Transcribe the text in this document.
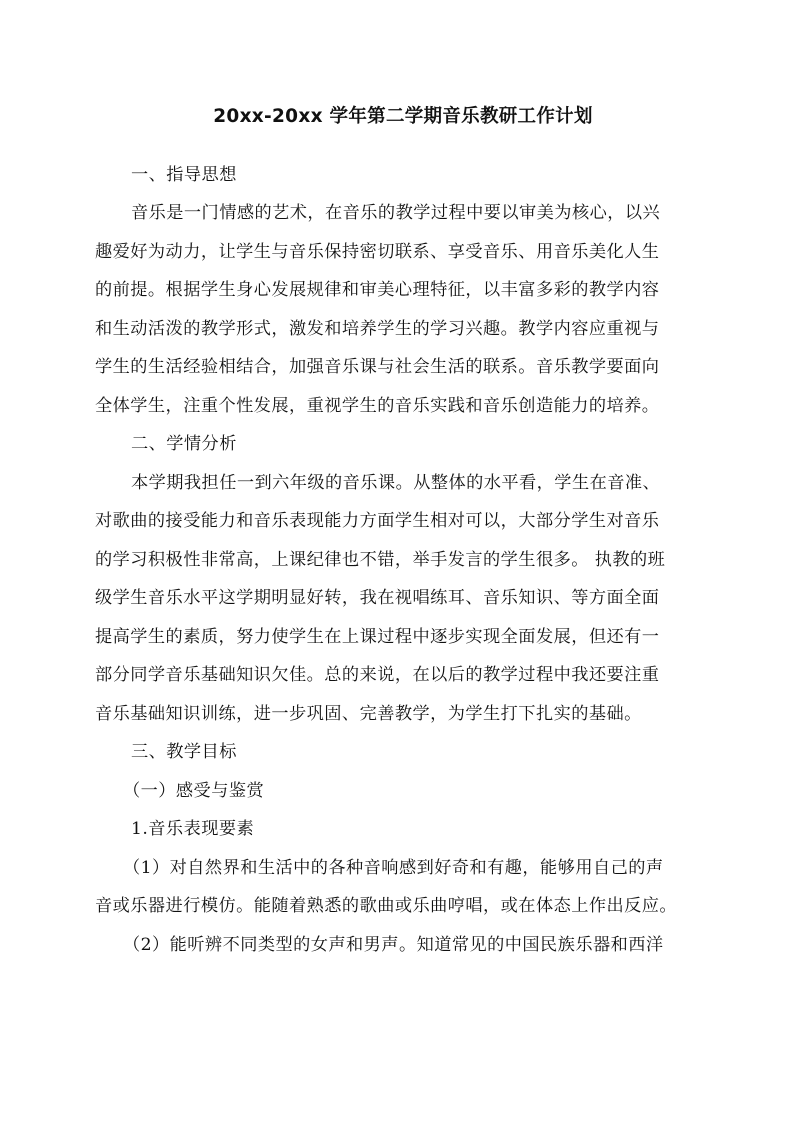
20xx-20xx 学年第二学期音乐教研工作计划
一、指导思想
音乐是一门情感的艺术，在音乐的教学过程中要以审美为核心，以兴
趣爱好为动力，让学生与音乐保持密切联系、享受音乐、用音乐美化人生
的前提。根据学生身心发展规律和审美心理特征，以丰富多彩的教学内容
和生动活泼的教学形式，激发和培养学生的学习兴趣。教学内容应重视与
学生的生活经验相结合，加强音乐课与社会生活的联系。音乐教学要面向
全体学生，注重个性发展，重视学生的音乐实践和音乐创造能力的培养。
二、学情分析
本学期我担任一到六年级的音乐课。从整体的水平看，学生在音准、
对歌曲的接受能力和音乐表现能力方面学生相对可以，大部分学生对音乐
的学习积极性非常高，上课纪律也不错，举手发言的学生很多。 执教的班
级学生音乐水平这学期明显好转，我在视唱练耳、音乐知识、等方面全面
提高学生的素质，努力使学生在上课过程中逐步实现全面发展，但还有一
部分同学音乐基础知识欠佳。总的来说，在以后的教学过程中我还要注重
音乐基础知识训练，进一步巩固、完善教学，为学生打下扎实的基础。
三、教学目标
（一）感受与鉴赏
1.音乐表现要素
（1）对自然界和生活中的各种音响感到好奇和有趣，能够用自己的声
音或乐器进行模仿。能随着熟悉的歌曲或乐曲哼唱，或在体态上作出反应。
（2）能听辨不同类型的女声和男声。知道常见的中国民族乐器和西洋
